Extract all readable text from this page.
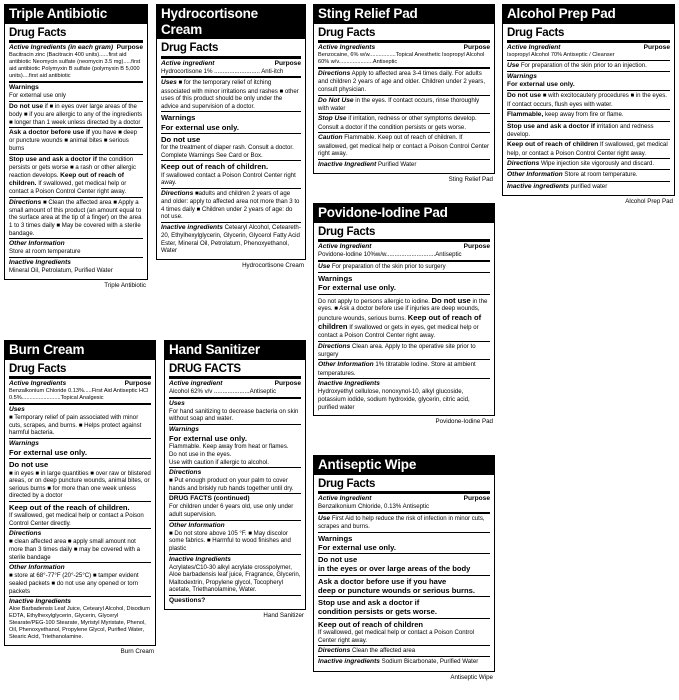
Triple Antibiotic
Drug Facts
Active Ingredients (in each gram) Purpose
Bacitracin zinc (Bacitracin 400 units)......first aid antibiotic Neomycin sulfate (neomycin 3.5 mg).....first aid antibiotic Polymyxin B sulfate (polymyxin B 5,000 units)....first aid antibiotic
Warnings
For external use only
Do not use if ■ in eyes over large areas of the body ■ if you are allergic to any of the ingredients ■ longer than 1 week unless directed by a doctor
Ask a doctor before use if you have ■ deep or puncture wounds ■ animal bites ■ serious burns
Stop use and ask a doctor if the condition persists or gets worse ■ a rash or other allergic reaction develops. Keep out of reach of children. If swallowed, get medical help or contact a Poison Control Center right away.
Directions ■ Clean the affected area ■ Apply a small amount of this product (an amount equal to the surface area at the tip of a finger) on the area 1 to 3 times daily ■ May be covered with a sterile bandage.
Other Information
Store at room temperature
Inactive Ingredients
Mineral Oil, Petrolatum, Purified Water
Triple Antibiotic
Hydrocortisone Cream
Drug Facts
Active ingredient	Purpose
Hydrocortisone 1% ........................... Anti-itch
Uses ■ for the temporary relief of itching associated with minor irritations and rashes ■ other uses of this product should be only under the advice and supervision of a doctor.
Warnings
For external use only.
Do not use
for the treatment of diaper rash. Consult a doctor. Complete Warnings See Card or Box.
Keep out of reach of children.
If swallowed contact a Poison Control Center right away.
Directions ■adults and children 2 years of age and older: apply to affected area not more than 3 to 4 times daily ■ Children under 2 years of age: do not use.
Inactive ingredients Cetearyl Alcohol, Ceteareth-20, Ethylhexylglycerin, Glycerin, Glycerol Fatty Acid Ester, Mineral Oil, Petrolatum, Phenoxyethanol, Water
Hydrocortisone Cream
Sting Relief Pad
Drug Facts
Active Ingredients	Purpose
Benzocaine, 6% w/w.................Topical Anesthetic Isopropyl Alcohol 60% w/v......................Antiseptic
Directions Apply to affected area 3-4 times daily. For adults and children 2 years of age and older. Children under 2 years, consult physician.
Do Not Use in the eyes. If contact occurs, rinse thoroughly with water
Stop Use if irritation, redness or other symptoms develop. Consult a doctor if the condition persists or gets worse.
Caution Flammable. Keep out of reach of children. If swallowed, get medical help or contact a Poison Control Center right away.
Inactive Ingredient Purified Water
Sting Relief Pad
Alcohol Prep Pad
Drug Facts
Active Ingredient	Purpose
Isopropyl Alcohol 70% Antiseptic / Cleanser
Use For preparation of the skin prior to an injection.
Warnings
For external use only.
Do not use ■ with excitocautery procedures ■ in the eyes. If contact occurs, flush eyes with water.
Flammable, keep away from fire or flame.
Stop use and ask a doctor if irritation and redness develop.
Keep out of reach of children If swallowed, get medical help, or contact a Poison Control Center right away.
Directions Wipe injection site vigorously and discard.
Other Information Store at room temperature.
Inactive ingredients purified water
Alcohol Prep Pad
Povidone-Iodine Pad
Drug Facts
Active Ingredient	Purpose
Povidone-Iodine 10%w/w.............................Antiseptic
Use For preparation of the skin prior to surgery
Warnings
For external use only.
Do not apply to persons allergic to iodine. Do not use in the eyes. ■ Ask a doctor before use if injuries are deep wounds, puncture wounds, serious burns. Keep out of reach of children If swallowed or gets in eyes, get medical help or contact a Poison Control Center right away.
Directions Clean area. Apply to the operative site prior to surgery
Other Information 1% titratable Iodine. Store at ambient temperatures.
Inactive Ingredients
Hydroxyethyl cellulose, nonoxynol-10, alkyl glucoside, potassium iodide, sodium hydroxide, glycerin, citric acid, purified water
Povidone-Iodine Pad
Burn Cream
Drug Facts
Active Ingredients	Purpose
Benzalkonium Chloride 0.13%.....First Aid Antiseptic HCl 0.5%.........................Topical Analgesic
Uses
■ Temporary relief of pain associated with minor cuts, scrapes, and burns. ■ Helps protect against harmful bacteria.
Warnings
For external use only.
Do not use
■ in eyes ■ in large quantities ■ over raw or blistered areas, or on deep puncture wounds, animal bites, or serious burns ■ for more than one week unless directed by a doctor
Keep out of the reach of children.
If swallowed, get medical help or contact a Poison Control Center directly.
Directions
■ clean affected area ■ apply small amount not more than 3 times daily ■ may be covered with a sterile bandage
Other Information
■ store at 68°-77°F (20°-25°C) ■ tamper evident sealed packets ■ do not use any opened or torn packets
Inactive Ingredients
Aloe Barbadensis Leaf Juice, Cetearyl Alcohol, Disodium EDTA, Ethylhexylglycerin, Glycerin, Glyceryl Stearate/PEG-100 Stearate, Myristyl Myristate, Phenol, Oil, Phenoxyethanol, Propylene Glycol, Purified Water, Stearic Acid, Triethanolamine.
Burn Cream
Hand Sanitizer
DRUG FACTS
Active ingredient	Purpose
Alcohol 62% v/v .....................Antiseptic
Uses
For hand sanitizing to decrease bacteria on skin without soap and water.
Warnings
For external use only.
Flammable. Keep away from heat or flames.
Do not use in the eyes.
Use with caution if allergic to alcohol.
Directions
■ Put enough product on your palm to cover hands and briskly rub hands together until dry.
DRUG FACTS (continued)
For children under 6 years old, use only under adult supervision.
Other Information
■ Do not store above 105 °F. ■ May discolor some fabrics. ■ Harmful to wood finishes and plastic
Inactive Ingredients
Acrylates/C10-30 alkyl acrylate crosspolymer, Aloe barbadensis leaf juice, Fragrance, Glycerin, Maltodextrin, Propylene glycol, Tocopheryl acetate, Triethanolamine, Water.
Questions?
Hand Sanitizer
Antiseptic Wipe
Drug Facts
Active Ingredient	Purpose
Benzalkonium Chloride, 0.13% Antiseptic
Use First Aid to help reduce the risk of infection in minor cuts, scrapes and burns.
Warnings
For external use only.
Do not use
in the eyes or over large areas of the body
Ask a doctor before use if you have
deep or puncture wounds or serious burns.
Stop use and ask a doctor if
condition persists or gets worse.
Keep out of reach of children
If swallowed, get medical help or contact a Poison Control Center right away.
Directions Clean the affected area
Inactive ingredients Sodium Bicarbonate, Purified Water
Antiseptic Wipe
